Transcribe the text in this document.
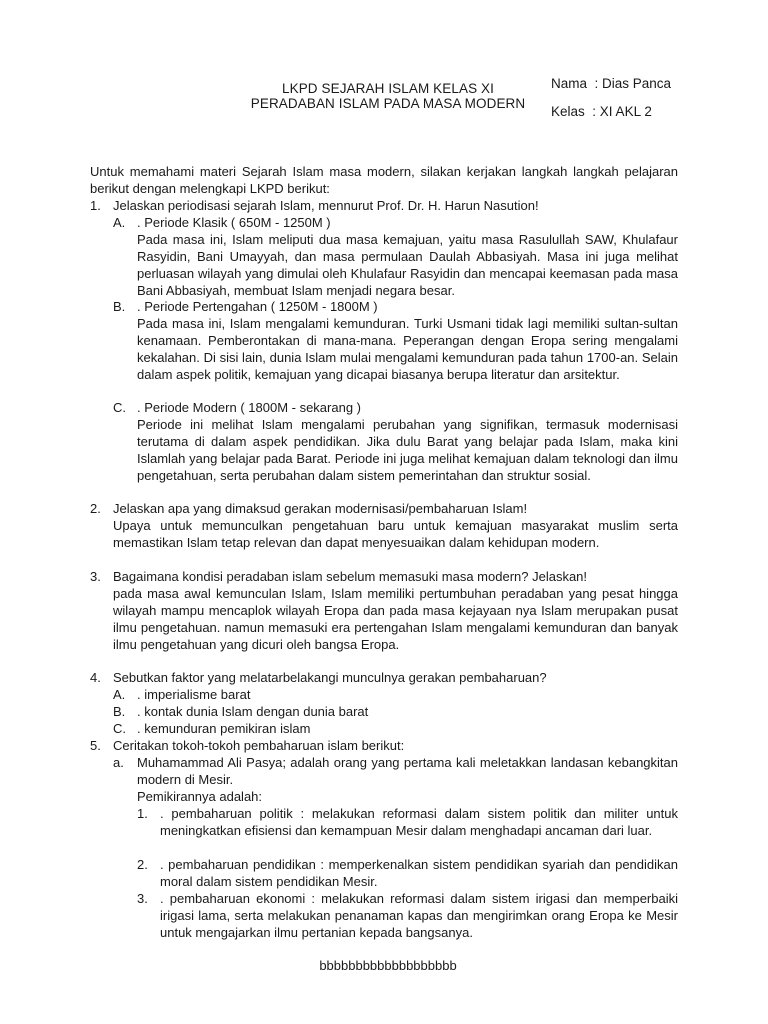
LKPD SEJARAH ISLAM KELAS XI
PERADABAN ISLAM PADA MASA MODERN
Nama : Dias Panca
Kelas : XI AKL 2
Untuk memahami materi Sejarah Islam masa modern, silakan kerjakan langkah langkah pelajaran berikut dengan melengkapi LKPD berikut:
1. Jelaskan periodisasi sejarah Islam, mennurut Prof. Dr. H. Harun Nasution!
A. . Periode Klasik ( 650M - 1250M )
Pada masa ini, Islam meliputi dua masa kemajuan, yaitu masa Rasulullah SAW, Khulafaur Rasyidin, Bani Umayyah, dan masa permulaan Daulah Abbasiyah. Masa ini juga melihat perluasan wilayah yang dimulai oleh Khulafaur Rasyidin dan mencapai keemasan pada masa Bani Abbasiyah, membuat Islam menjadi negara besar.
B. . Periode Pertengahan ( 1250M - 1800M )
Pada masa ini, Islam mengalami kemunduran. Turki Usmani tidak lagi memiliki sultan-sultan kenamaan. Pemberontakan di mana-mana. Peperangan dengan Eropa sering mengalami kekalahan. Di sisi lain, dunia Islam mulai mengalami kemunduran pada tahun 1700-an. Selain dalam aspek politik, kemajuan yang dicapai biasanya berupa literatur dan arsitektur.
C. . Periode Modern ( 1800M - sekarang )
Periode ini melihat Islam mengalami perubahan yang signifikan, termasuk modernisasi terutama di dalam aspek pendidikan. Jika dulu Barat yang belajar pada Islam, maka kini Islamlah yang belajar pada Barat. Periode ini juga melihat kemajuan dalam teknologi dan ilmu pengetahuan, serta perubahan dalam sistem pemerintahan dan struktur sosial.
2. Jelaskan apa yang dimaksud gerakan modernisasi/pembaharuan Islam!
Upaya untuk memunculkan pengetahuan baru untuk kemajuan masyarakat muslim serta memastikan Islam tetap relevan dan dapat menyesuaikan dalam kehidupan modern.
3. Bagaimana kondisi peradaban islam sebelum memasuki masa modern? Jelaskan!
pada masa awal kemunculan Islam, Islam memiliki pertumbuhan peradaban yang pesat hingga wilayah mampu mencaplok wilayah Eropa dan pada masa kejayaan nya Islam merupakan pusat ilmu pengetahuan. namun memasuki era pertengahan Islam mengalami kemunduran dan banyak ilmu pengetahuan yang dicuri oleh bangsa Eropa.
4. Sebutkan faktor yang melatarbelakangi munculnya gerakan pembaharuan?
A. . imperialisme barat
B. . kontak dunia Islam dengan dunia barat
C. . kemunduran pemikiran islam
5. Ceritakan tokoh-tokoh pembaharuan islam berikut:
a. Muhamammad Ali Pasya; adalah orang yang pertama kali meletakkan landasan kebangkitan modern di Mesir.
Pemikirannya adalah:
1. . pembaharuan politik : melakukan reformasi dalam sistem politik dan militer untuk meningkatkan efisiensi dan kemampuan Mesir dalam menghadapi ancaman dari luar.
2. . pembaharuan pendidikan : memperkenalkan sistem pendidikan syariah dan pendidikan moral dalam sistem pendidikan Mesir.
3. . pembaharuan ekonomi : melakukan reformasi dalam sistem irigasi dan memperbaiki irigasi lama, serta melakukan penanaman kapas dan mengirimkan orang Eropa ke Mesir untuk mengajarkan ilmu pertanian kepada bangsanya.
bbbbbbbbbbbbbbbbbbb
